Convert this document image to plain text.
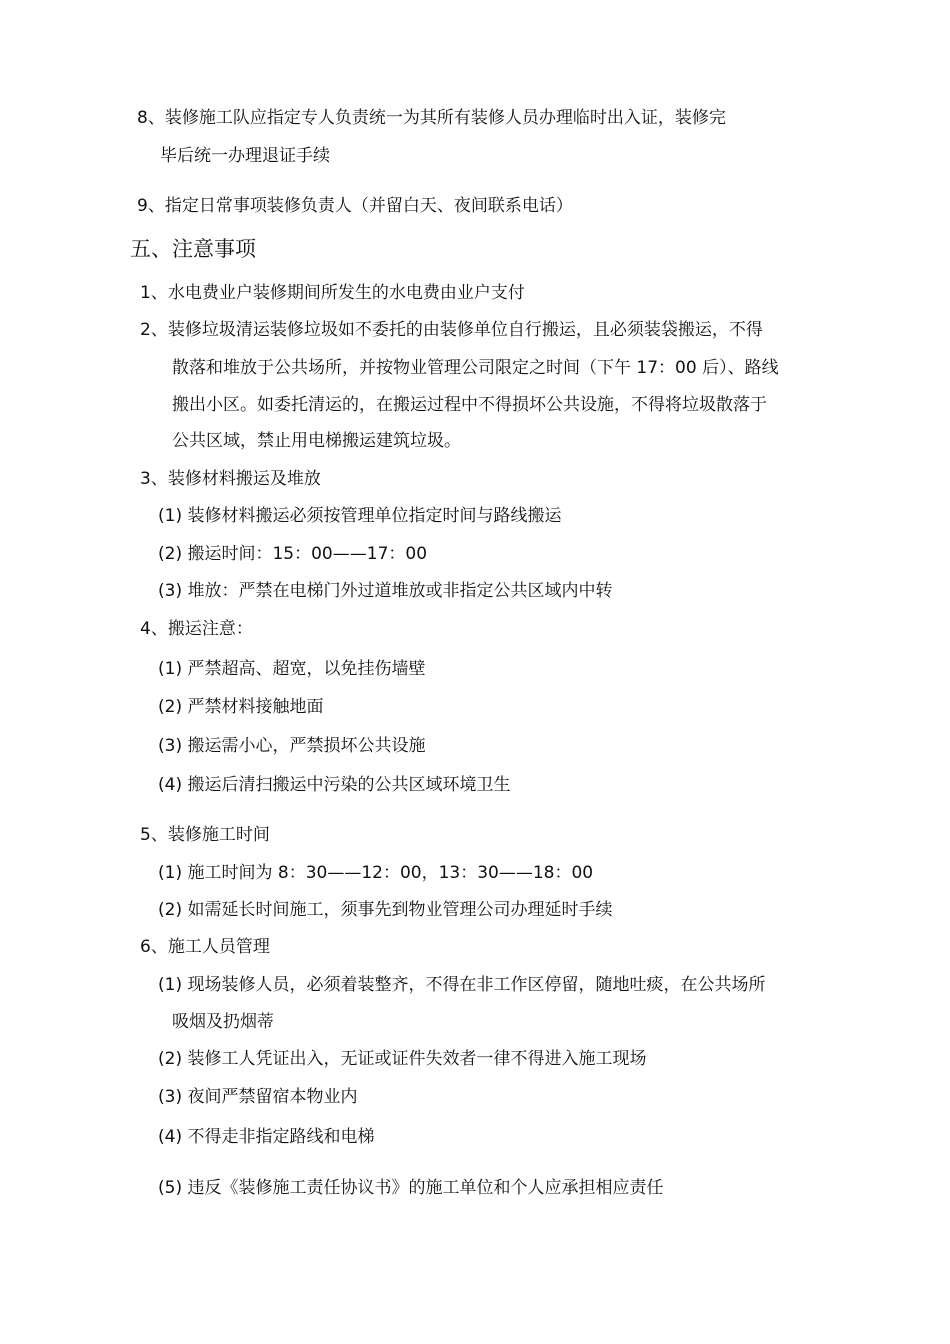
8、装修施工队应指定专人负责统一为其所有装修人员办理临时出入证，装修完
毕后统一办理退证手续
9、指定日常事项装修负责人（并留白天、夜间联系电话）
五、注意事项
1、水电费业户装修期间所发生的水电费由业户支付
2、装修垃圾清运装修垃圾如不委托的由装修单位自行搬运，且必须装袋搬运，不得
散落和堆放于公共场所，并按物业管理公司限定之时间（下午 17：00 后）、路线
搬出小区。如委托清运的，在搬运过程中不得损坏公共设施，不得将垃圾散落于
公共区域，禁止用电梯搬运建筑垃圾。
3、装修材料搬运及堆放
(1) 装修材料搬运必须按管理单位指定时间与路线搬运
(2) 搬运时间：15：00——17：00
(3) 堆放：严禁在电梯门外过道堆放或非指定公共区域内中转
4、搬运注意：
(1) 严禁超高、超宽，以免挂伤墙壁
(2) 严禁材料接触地面
(3) 搬运需小心，严禁损坏公共设施
(4) 搬运后清扫搬运中污染的公共区域环境卫生
5、装修施工时间
(1) 施工时间为 8：30——12：00，13：30——18：00
(2) 如需延长时间施工，须事先到物业管理公司办理延时手续
6、施工人员管理
(1) 现场装修人员，必须着装整齐，不得在非工作区停留，随地吐痰，在公共场所
吸烟及扔烟蒂
(2) 装修工人凭证出入，无证或证件失效者一律不得进入施工现场
(3) 夜间严禁留宿本物业内
(4) 不得走非指定路线和电梯
(5) 违反《装修施工责任协议书》的施工单位和个人应承担相应责任
